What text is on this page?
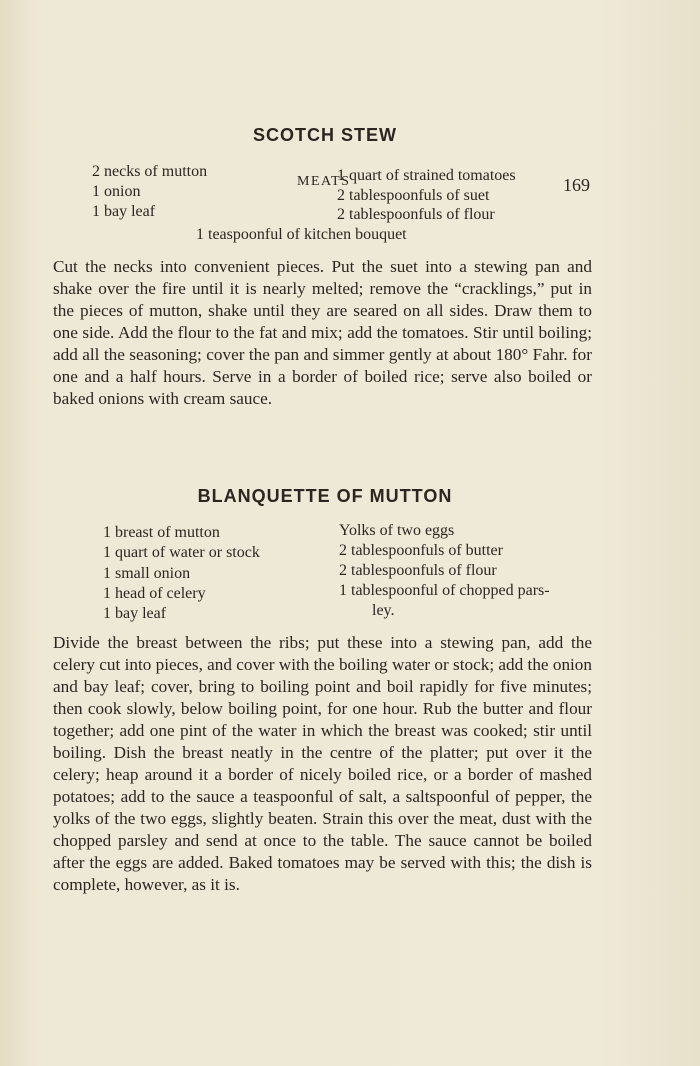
MEATS	169
SCOTCH STEW
2 necks of mutton
1 onion
1 bay leaf
1 quart of strained tomatoes
2 tablespoonfuls of suet
2 tablespoonfuls of flour
1 teaspoonful of kitchen bouquet

Cut the necks into convenient pieces. Put the suet into a stewing pan and shake over the fire until it is nearly melted; remove the “cracklings,” put in the pieces of mutton, shake until they are seared on all sides. Draw them to one side. Add the flour to the fat and mix; add the tomatoes. Stir until boiling; add all the seasoning; cover the pan and simmer gently at about 180° Fahr. for one and a half hours. Serve in a border of boiled rice; serve also boiled or baked onions with cream sauce.

BLANQUETTE OF MUTTON
1 breast of mutton
1 quart of water or stock
1 small onion
1 head of celery
1 bay leaf
Yolks of two eggs
2 tablespoonfuls of butter
2 tablespoonfuls of flour
1 tablespoonful of chopped pars-
ley.

Divide the breast between the ribs; put these into a stewing pan, add the celery cut into pieces, and cover with the boiling water or stock; add the onion and bay leaf; cover, bring to boiling point and boil rapidly for five minutes; then cook slowly, below boiling point, for one hour. Rub the butter and flour together; add one pint of the water in which the breast was cooked; stir until boiling. Dish the breast neatly in the centre of the platter; put over it the celery; heap around it a border of nicely boiled rice, or a border of mashed potatoes; add to the sauce a teaspoonful of salt, a saltspoonful of pepper, the yolks of the two eggs, slightly beaten. Strain this over the meat, dust with the chopped parsley and send at once to the table. The sauce cannot be boiled after the eggs are added. Baked tomatoes may be served with this; the dish is complete, however, as it is.
